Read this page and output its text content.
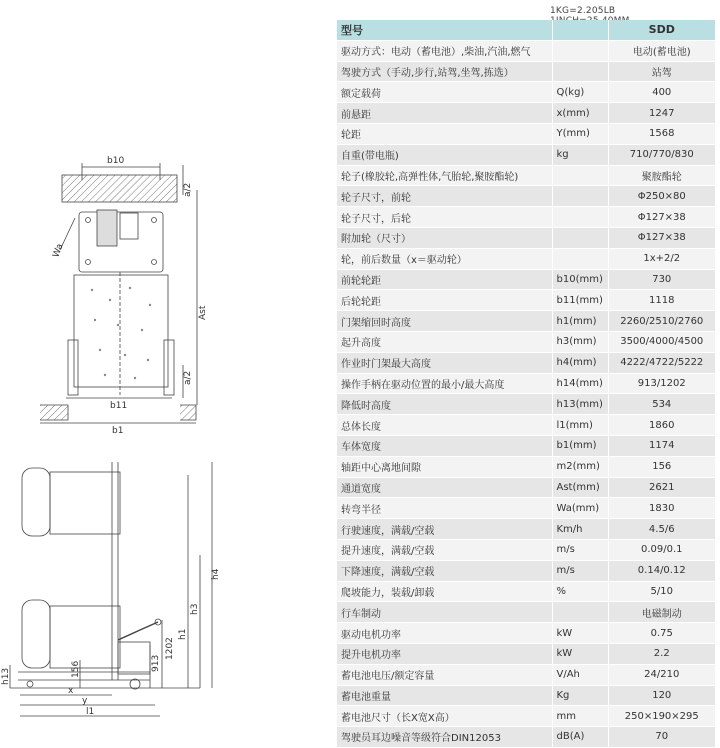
1KG=2.205LB
b10
a/2
Wa
Ast
a/2
b11
b1
h4
h3
h1
1202
913
156
h13
x
y
l1
型号		SDD
驱动方式：电动（蓄电池）,柴油,汽油,燃气		电动(蓄电池)
驾驶方式（手动,步行,站驾,坐驾,拣选）		站驾
额定载荷	Q(kg)	400
前悬距	x(mm)	1247
轮距	Y(mm)	1568
自重(带电瓶)	kg	710/770/830
轮子(橡胶轮,高弹性体,气胎轮,聚胺酯轮)		聚胺酯轮
轮子尺寸，前轮		Φ250×80
轮子尺寸，后轮		Φ127×38
附加轮（尺寸）		Φ127×38
轮，前后数量（x＝驱动轮）		1x+2/2
前轮轮距	b10(mm)	730
后轮轮距	b11(mm)	1118
门架缩回时高度	h1(mm)	2260/2510/2760
起升高度	h3(mm)	3500/4000/4500
作业时门架最大高度	h4(mm)	4222/4722/5222
操作手柄在驱动位置的最小/最大高度	h14(mm)	913/1202
降低时高度	h13(mm)	534
总体长度	l1(mm)	1860
车体宽度	b1(mm)	1174
轴距中心离地间隙	m2(mm)	156
通道宽度	Ast(mm)	2621
转弯半径	Wa(mm)	1830
行驶速度，满载/空载	Km/h	4.5/6
提升速度，满载/空载	m/s	0.09/0.1
下降速度，满载/空载	m/s	0.14/0.12
爬坡能力，装载/卸载	%	5/10
行车制动		电磁制动
驱动电机功率	kW	0.75
提升电机功率	kW	2.2
蓄电池电压/额定容量	V/Ah	24/210
蓄电池重量	Kg	120
蓄电池尺寸（长X宽X高）	mm	250×190×295
驾驶员耳边噪音等级符合DIN12053	dB(A)	70
